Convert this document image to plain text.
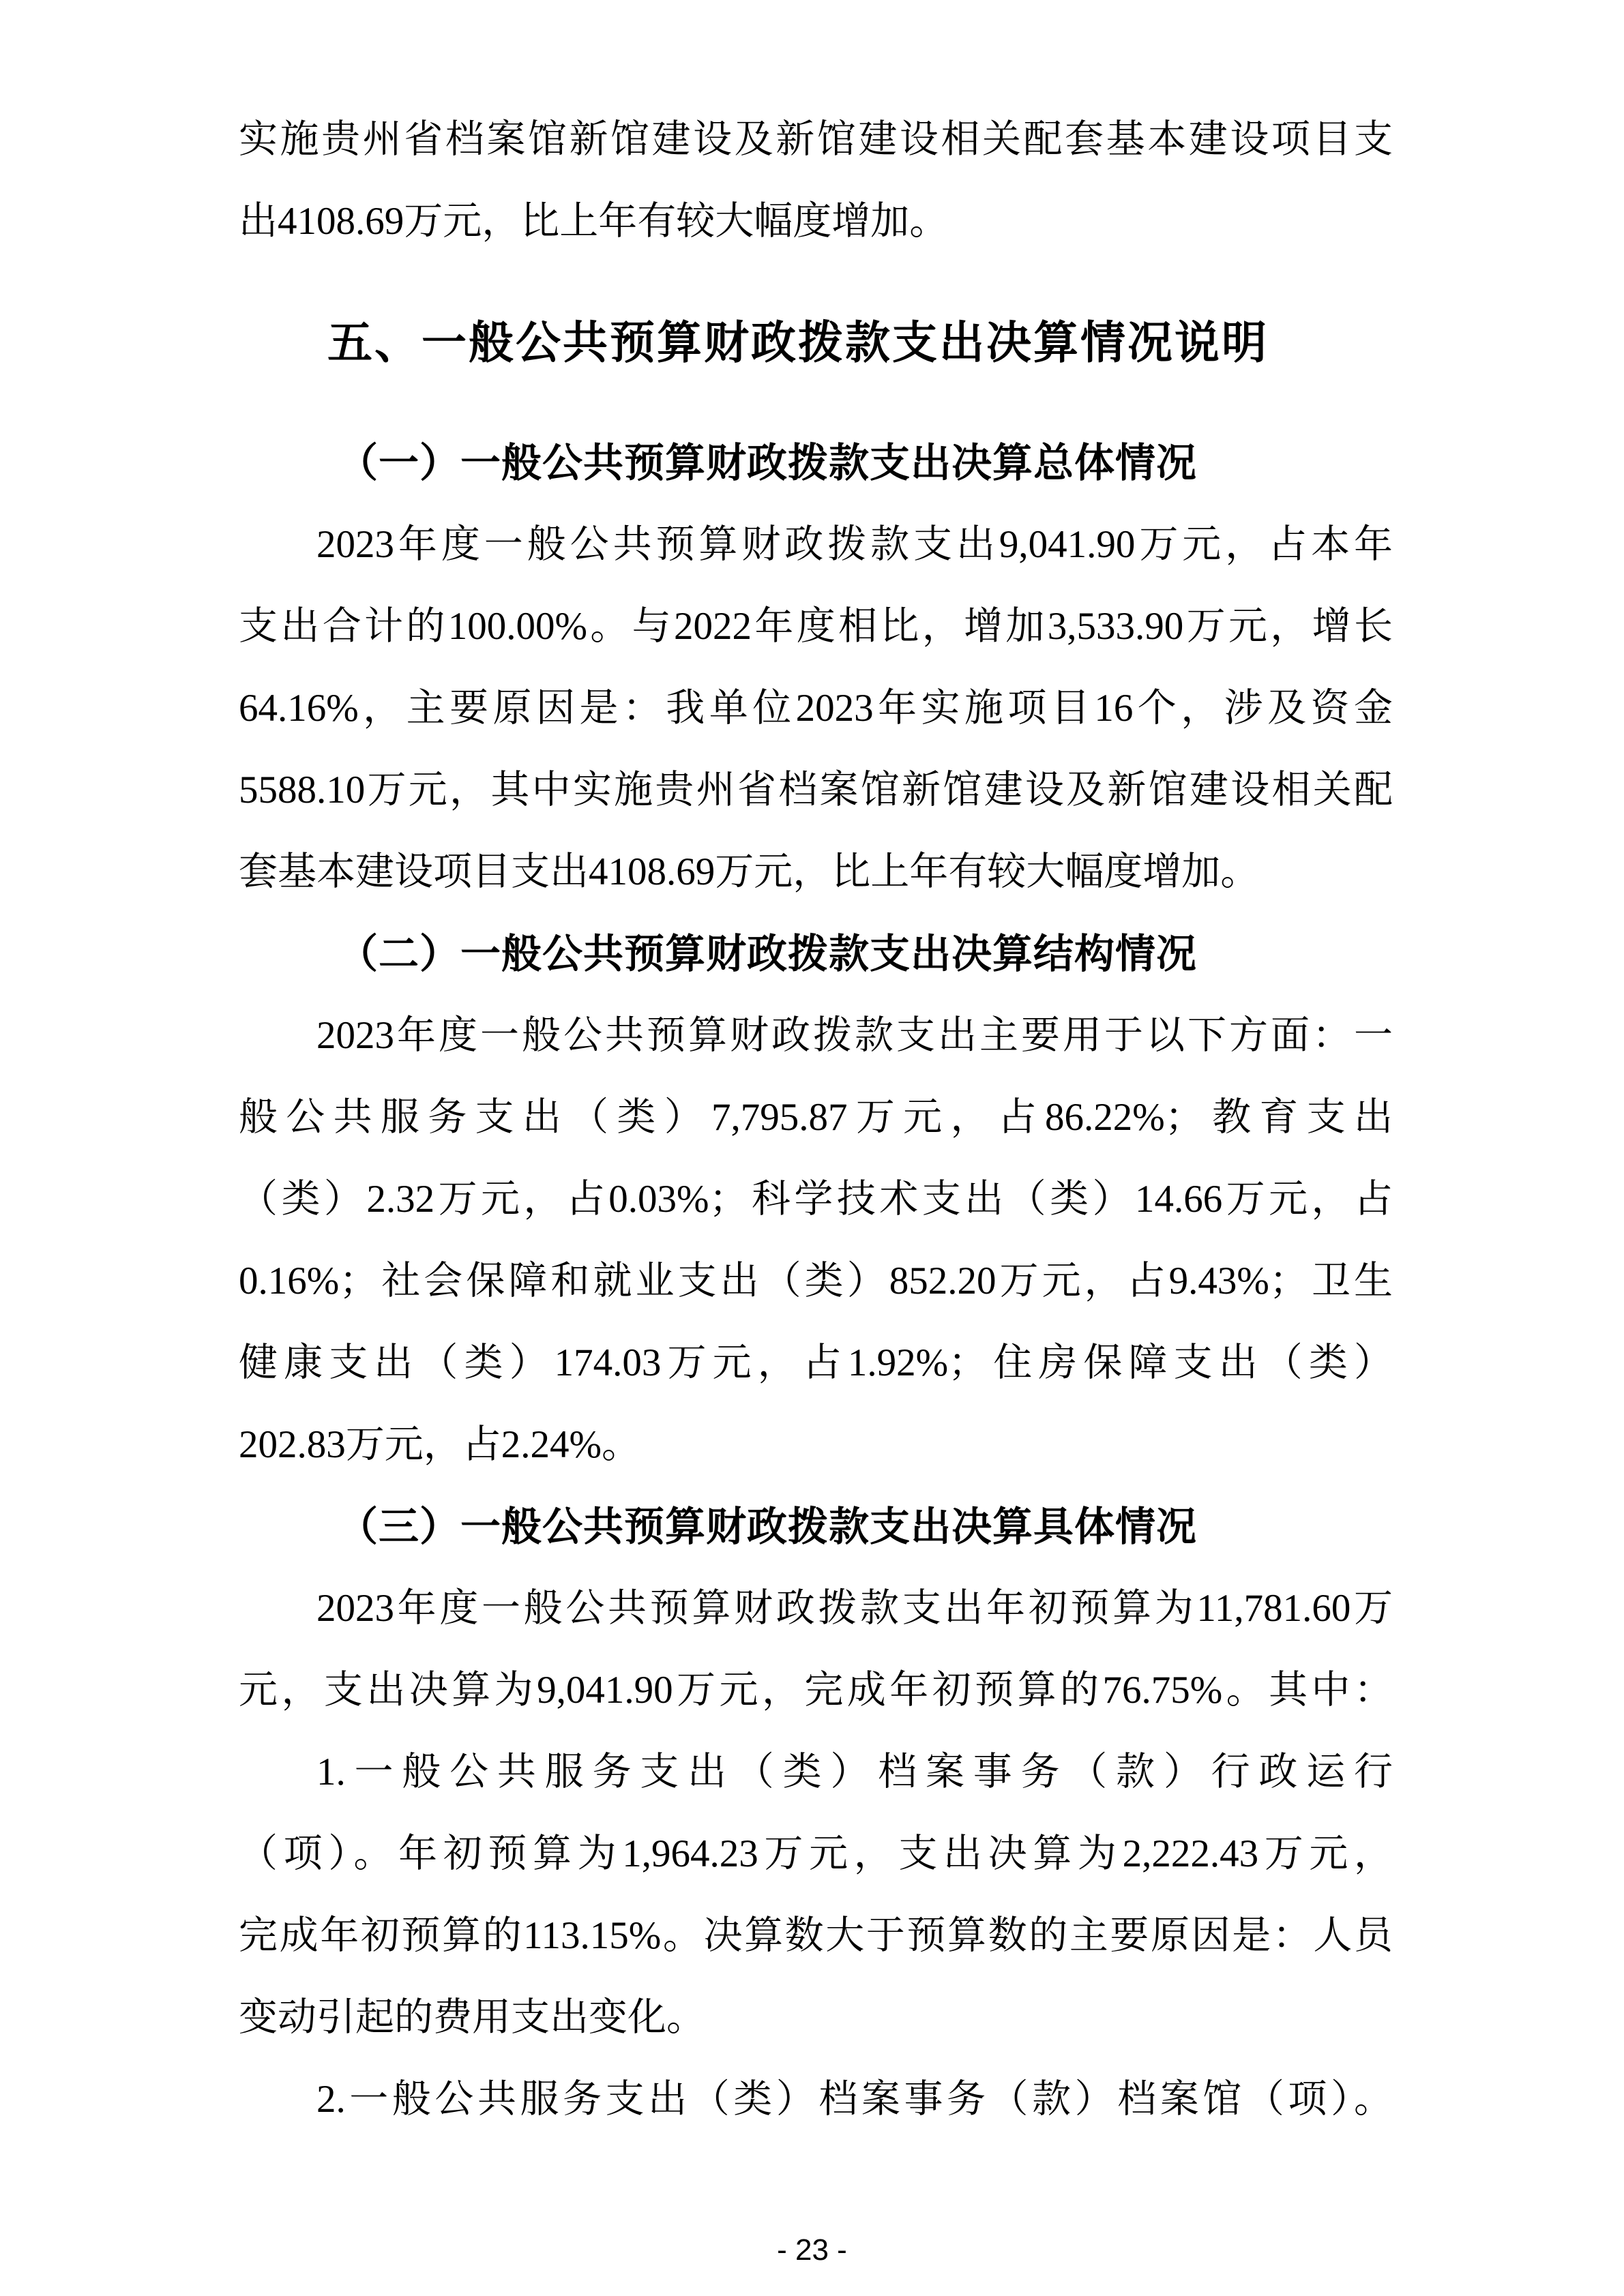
实施贵州省档案馆新馆建设及新馆建设相关配套基本建设项目支
出4108.69万元，比上年有较大幅度增加。
五、一般公共预算财政拨款支出决算情况说明
（一）一般公共预算财政拨款支出决算总体情况
2023年度一般公共预算财政拨款支出9,041.90万元，占本年
支出合计的100.00%。与2022年度相比，增加3,533.90万元，增长
64.16%，主要原因是：我单位2023年实施项目16个，涉及资金
5588.10万元，其中实施贵州省档案馆新馆建设及新馆建设相关配
套基本建设项目支出4108.69万元，比上年有较大幅度增加。
（二）一般公共预算财政拨款支出决算结构情况
2023年度一般公共预算财政拨款支出主要用于以下方面：一
般公共服务支出（类）7,795.87万元，占86.22%；教育支出
（类）2.32万元，占0.03%；科学技术支出（类）14.66万元，占
0.16%；社会保障和就业支出（类）852.20万元，占9.43%；卫生
健康支出（类）174.03万元，占1.92%；住房保障支出（类）
202.83万元，占2.24%。
（三）一般公共预算财政拨款支出决算具体情况
2023年度一般公共预算财政拨款支出年初预算为11,781.60万
元，支出决算为9,041.90万元，完成年初预算的76.75%。其中：
1.一般公共服务支出（类）档案事务（款）行政运行
（项）。年初预算为1,964.23万元，支出决算为2,222.43万元，
完成年初预算的113.15%。决算数大于预算数的主要原因是：人员
变动引起的费用支出变化。
2.一般公共服务支出（类）档案事务（款）档案馆（项）。
- 23 -
